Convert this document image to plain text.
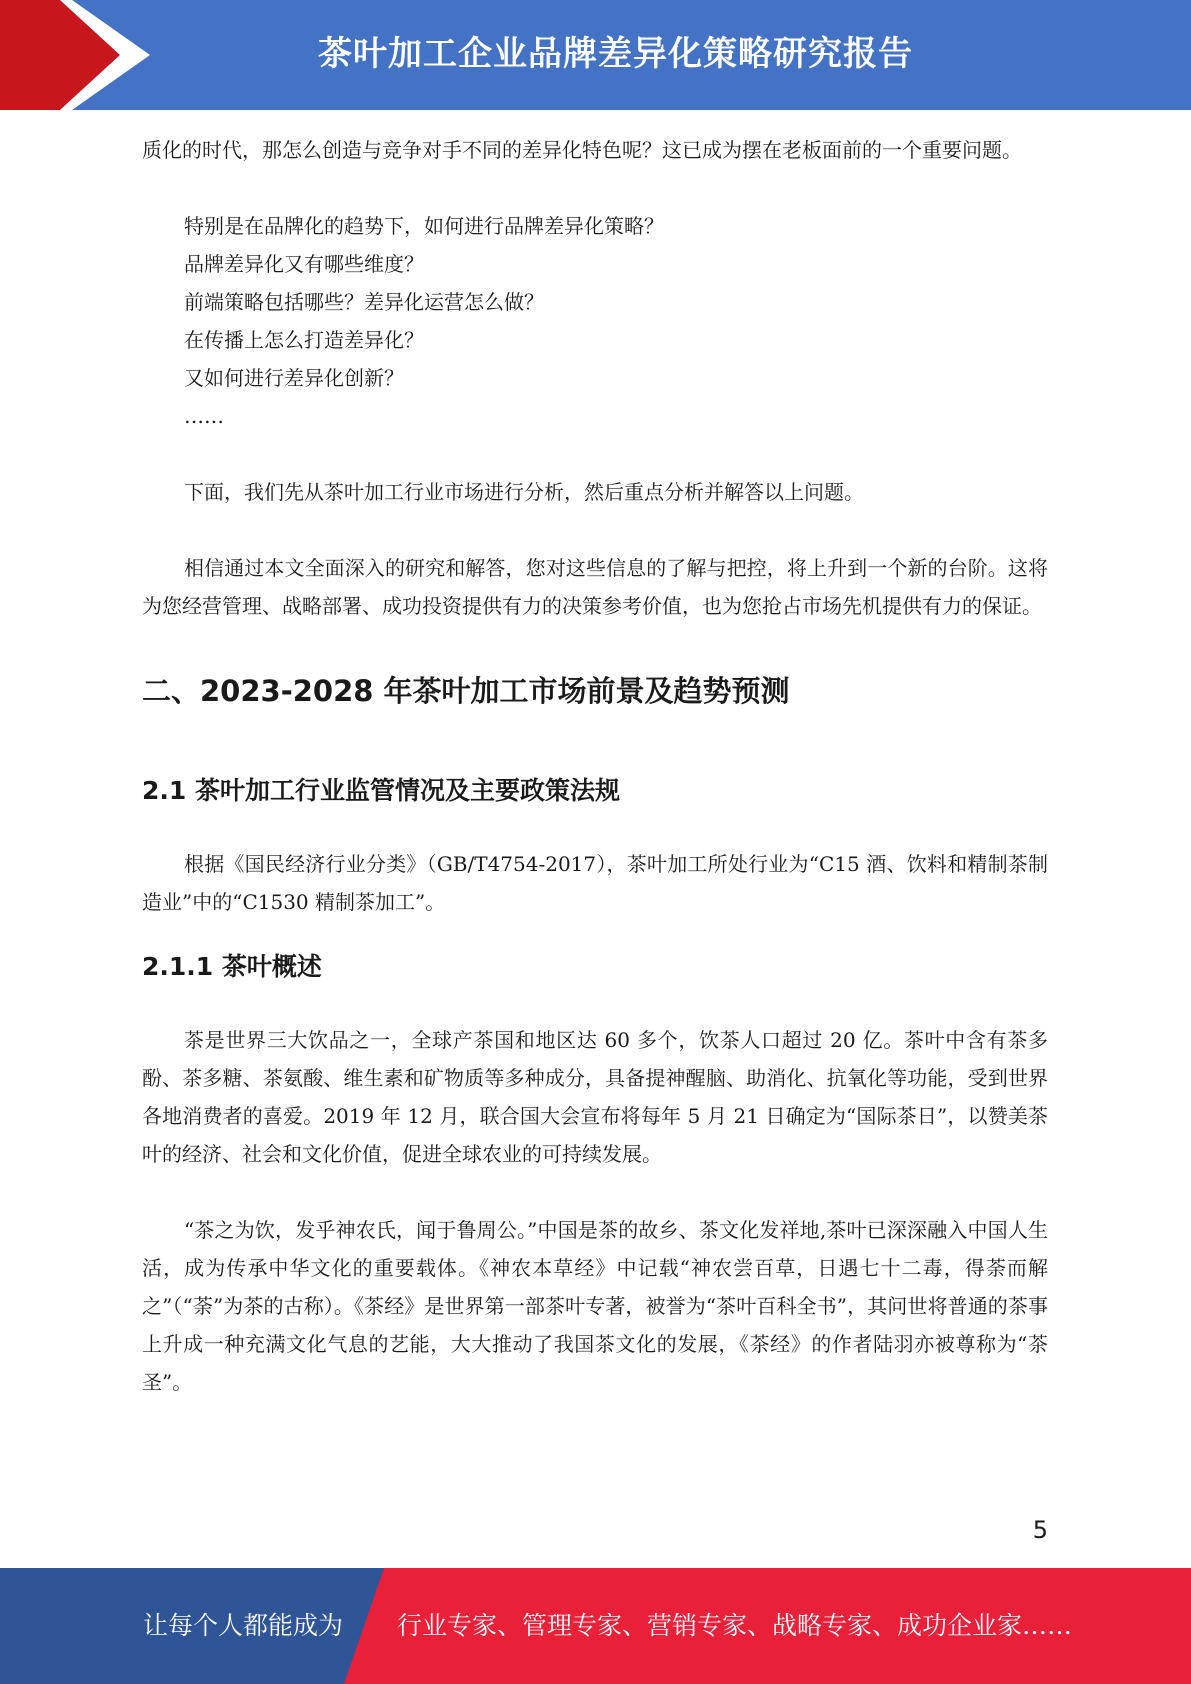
茶叶加工企业品牌差异化策略研究报告

质化的时代，那怎么创造与竞争对手不同的差异化特色呢？这已成为摆在老板面前的一个重要问题。

特别是在品牌化的趋势下，如何进行品牌差异化策略？
品牌差异化又有哪些维度？
前端策略包括哪些？差异化运营怎么做？
在传播上怎么打造差异化？
又如何进行差异化创新？
……

下面，我们先从茶叶加工行业市场进行分析，然后重点分析并解答以上问题。

相信通过本文全面深入的研究和解答，您对这些信息的了解与把控，将上升到一个新的台阶。这将为您经营管理、战略部署、成功投资提供有力的决策参考价值，也为您抢占市场先机提供有力的保证。

二、2023-2028 年茶叶加工市场前景及趋势预测
2.1 茶叶加工行业监管情况及主要政策法规

根据《国民经济行业分类》（GB/T4754-2017），茶叶加工所处行业为“C15 酒、饮料和精制茶制造业”中的“C1530 精制茶加工”。

2.1.1 茶叶概述

茶是世界三大饮品之一，全球产茶国和地区达 60 多个，饮茶人口超过 20 亿。茶叶中含有茶多酚、茶多糖、茶氨酸、维生素和矿物质等多种成分，具备提神醒脑、助消化、抗氧化等功能，受到世界各地消费者的喜爱。2019 年 12 月，联合国大会宣布将每年 5 月 21 日确定为“国际茶日”，以赞美茶叶的经济、社会和文化价值，促进全球农业的可持续发展。

“茶之为饮，发乎神农氏，闻于鲁周公。”中国是茶的故乡、茶文化发祥地,茶叶已深深融入中国人生活，成为传承中华文化的重要载体。《神农本草经》中记载“神农尝百草，日遇七十二毒，得荼而解之”（“荼”为茶的古称）。《茶经》是世界第一部茶叶专著，被誉为“茶叶百科全书”，其问世将普通的茶事上升成一种充满文化气息的艺能，大大推动了我国茶文化的发展，《茶经》的作者陆羽亦被尊称为“茶圣”。

5
让每个人都能成为 行业专家、管理专家、营销专家、战略专家、成功企业家……
